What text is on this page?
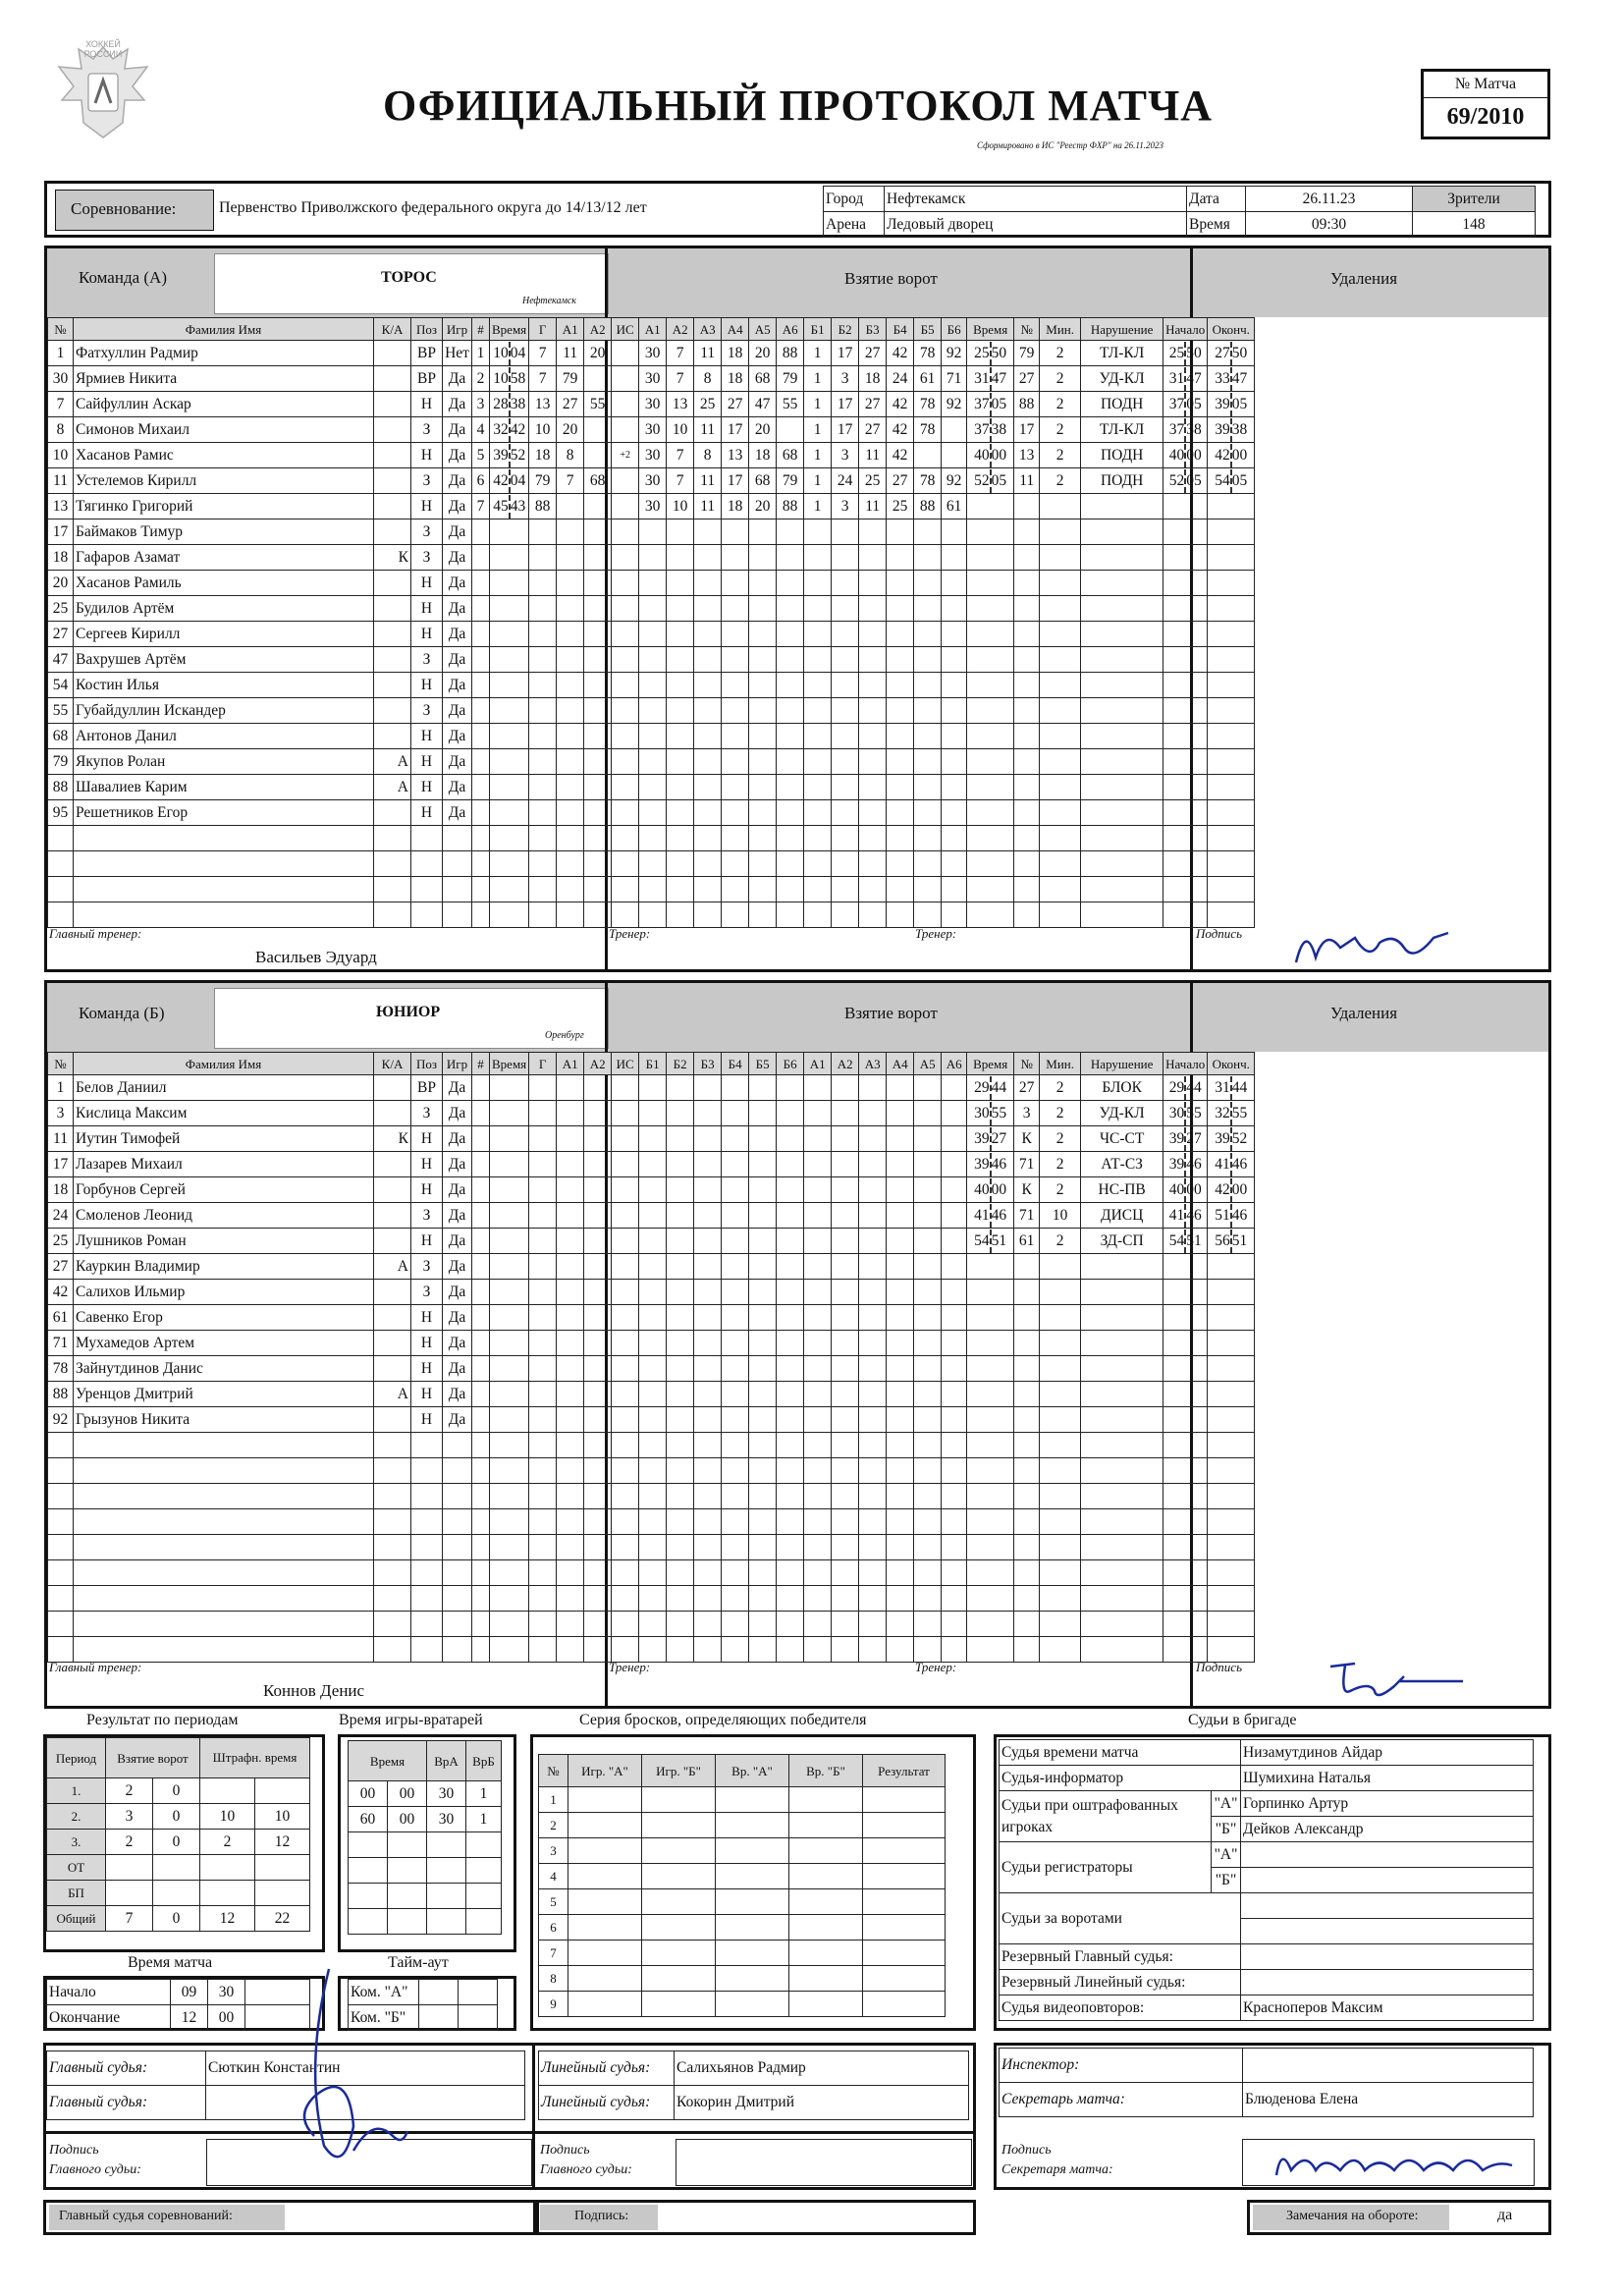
ХОККЕЙ РОССИИ
ОФИЦИАЛЬНЫЙ ПРОТОКОЛ МАТЧА
Сформировано в ИС "Реестр ФХР" на 26.11.2023
№ Матча
69/2010
Соревнование:	Первенство Приволжского федерального округа до 14/13/12 лет
Город	Нефтекамск	Дата	26.11.23	Зрители
Арена	Ледовый дворец	Время	09:30	148
Команда (А)	ТОРОС
Нефтекамск
Взятие ворот	Удаления
№	Фамилия Имя	К/А	Поз	Игр	#	Время	Г	А1	А2	ИС	А1	А2	А3	А4	А5	А6	Б1	Б2	Б3	Б4	Б5	Б6	Время	№	Мин.	Нарушение	Начало	Оконч.
1	Фатхуллин Радмир		ВР	Нет	1	10 04	7	11	20		30	7	11	18	20	88	1	17	27	42	78	92	25 50	79	2	ТЛ-КЛ	25 50	27 50
30	Ярмиев Никита		ВР	Да	2	10 58	7	79			30	7	8	18	68	79	1	3	18	24	61	71	31 47	27	2	УД-КЛ	31 47	33 47
7	Сайфуллин Аскар		Н	Да	3	28 38	13	27	55		30	13	25	27	47	55	1	17	27	42	78	92	37 05	88	2	ПОДН	37 05	39 05
8	Симонов Михаил		З	Да	4	32 42	10	20			30	10	11	17	20		1	17	27	42	78		37 38	17	2	ТЛ-КЛ	37 38	39 38
10	Хасанов Рамис		Н	Да	5	39 52	18	8		+2	30	7	8	13	18	68	1	3	11	42			40 00	13	2	ПОДН	40 00	42 00
11	Устелемов Кирилл		З	Да	6	42 04	79	7	68		30	7	11	17	68	79	1	24	25	27	78	92	52 05	11	2	ПОДН	52 05	54 05
13	Тягинко Григорий		Н	Да	7	45 43	88				30	10	11	18	20	88	1	3	11	25	88	61						
17	Баймаков Тимур		З	Да																								
18	Гафаров Азамат	К	З	Да																								
20	Хасанов Рамиль		Н	Да																								
25	Будилов Артём		Н	Да																								
27	Сергеев Кирилл		Н	Да																								
47	Вахрушев Артём		З	Да																								
54	Костин Илья		Н	Да																								
55	Губайдуллин Искандер		З	Да																								
68	Антонов Данил		Н	Да																								
79	Якупов Ролан	А	Н	Да																								
88	Шавалиев Карим	А	Н	Да																								
95	Решетников Егор		Н	Да																								

Главный тренер:
Васильев Эдуард
Тренер:	Тренер:	Подпись
Команда (Б)	ЮНИОР
Оренбург
Взятие ворот	Удаления
№	Фамилия Имя	К/А	Поз	Игр	#	Время	Г	А1	А2	ИС	Б1	Б2	Б3	Б4	Б5	Б6	А1	А2	А3	А4	А5	А6	Время	№	Мин.	Нарушение	Начало	Оконч.
1	Белов Даниил		ВР	Да																			29 44	27	2	БЛОК	29 44	31 44
3	Кислица Максим		З	Да																			30 55	3	2	УД-КЛ	30 55	32 55
11	Иутин Тимофей	К	Н	Да																			39 27	К	2	ЧС-СТ	39 27	39 52
17	Лазарев Михаил		Н	Да																			39 46	71	2	АТ-СЗ	39 46	41 46
18	Горбунов Сергей		Н	Да																			40 00	К	2	НС-ПВ	40 00	42 00
24	Смоленов Леонид		З	Да																			41 46	71	10	ДИСЦ	41 46	51 46
25	Лушников Роман		Н	Да																			54 51	61	2	ЗД-СП	54 51	56 51
27	Кауркин Владимир	А	З	Да																								
42	Салихов Ильмир		З	Да																								
61	Савенко Егор		Н	Да																								
71	Мухамедов Артем		Н	Да																								
78	Зайнутдинов Данис		Н	Да																								
88	Уренцов Дмитрий	А	Н	Да																								
92	Грызунов Никита		Н	Да																								

Главный тренер:
Коннов Денис
Тренер:	Тренер:	Подпись
Результат по периодам
Период	Взятие ворот		Штрафн. время	
1.	2	0		
2.	3	0	10	10
3.	2	0	2	12
ОТ				
БП				
Общий	7	0	12	22
Время матча
Начало	09	30	
Окончание	12	00	
Время игры-вратарей
Время		ВрА	ВрБ
00	00	30	1
60	00	30	1

Тайм-аут
Ком. "А"		
Ком. "Б"		
Серия бросков, определяющих победителя
№	Игр. "А"	Игр. "Б"	Вр. "А"	Вр. "Б"	Результат
1					
2					
3					
4					
5					
6					
7					
8					
9					
Судьи в бригаде
Судья времени матча		Низамутдинов Айдар
Судья-информатор		Шумихина Наталья
Судьи при оштрафованных игроках	"А"	Горпинко Артур
	"Б"	Дейков Александр
Судьи регистраторы	"А"	
	"Б"	
Судьи за воротами		

Резервный Главный судья:		
Резервный Линейный судья:		
Судья видеоповторов:		Красноперов Максим
Главный судья:	Сюткин Константин
Главный судья:	
Линейный судья:	Салихьянов Радмир
Линейный судья:	Кокорин Дмитрий
Подпись
Главного судьи:
Подпись
Главного судьи:
Инспектор:	
Секретарь матча:	Блюденова Елена
Подпись
Секретаря матча:
Главный судья соревнований:	Подпись:	Замечания на обороте:	да
